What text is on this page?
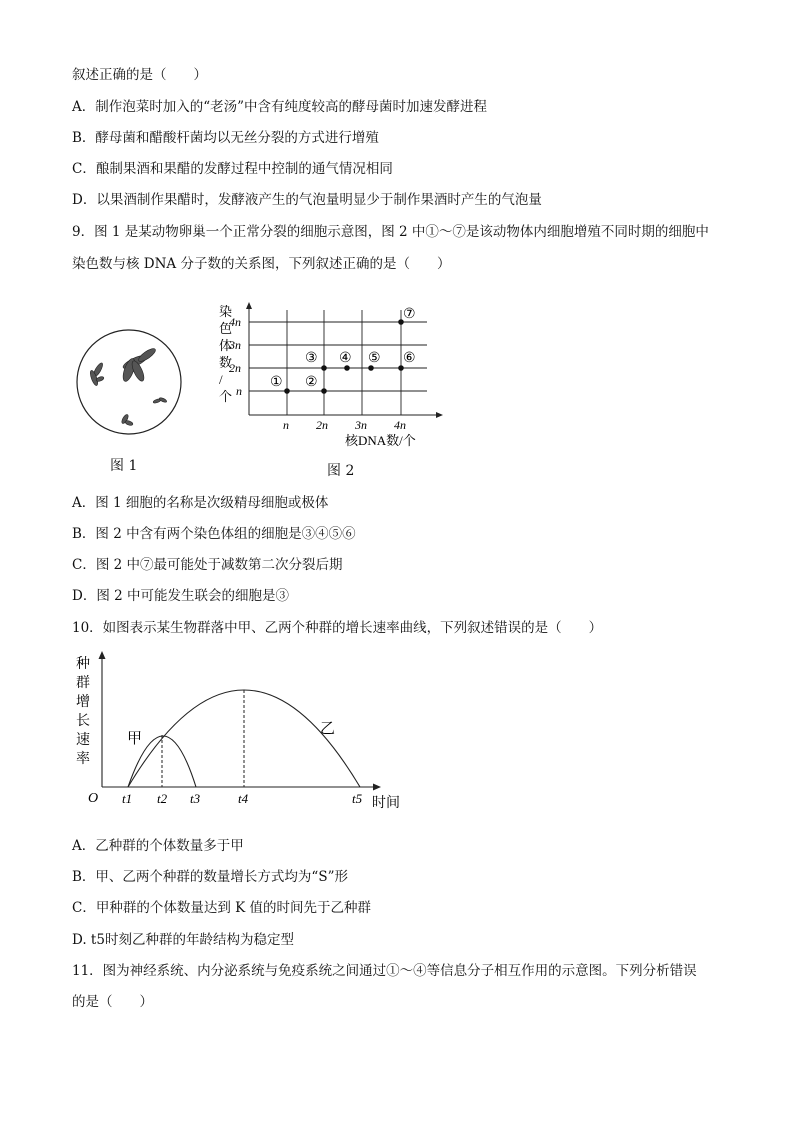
叙述正确的是（　　）
A．制作泡菜时加入的“老汤”中含有纯度较高的酵母菌时加速发酵进程
B．酵母菌和醋酸杆菌均以无丝分裂的方式进行增殖
C．酿制果酒和果醋的发酵过程中控制的通气情况相同
D．以果酒制作果醋时，发酵液产生的气泡量明显少于制作果酒时产生的气泡量
9．图 1 是某动物卵巢一个正常分裂的细胞示意图，图 2 中①～⑦是该动物体内细胞增殖不同时期的细胞中
染色数与核 DNA 分子数的关系图，下列叙述正确的是（　　）
图 1
染
色
体
数
/
个
4n
3n
2n
n
n 2n 3n 4n
核DNA数/个
① ②
③ ④ ⑤ ⑥
⑦
图 2
A．图 1 细胞的名称是次级精母细胞或极体
B．图 2 中含有两个染色体组的细胞是③④⑤⑥
C．图 2 中⑦最可能处于减数第二次分裂后期
D．图 2 中可能发生联会的细胞是③
10．如图表示某生物群落中甲、乙两个种群的增长速率曲线，下列叙述错误的是（　　）
种
群
增
长
速
率
甲
乙
O t1 t2 t3	t4	t5 时间
A．乙种群的个体数量多于甲
B．甲、乙两个种群的数量增长方式均为“S”形
C．甲种群的个体数量达到 K 值的时间先于乙种群
D. t5时刻乙种群的年龄结构为稳定型
11．图为神经系统、内分泌系统与免疫系统之间通过①～④等信息分子相互作用的示意图。下列分析错误
的是（　　）
